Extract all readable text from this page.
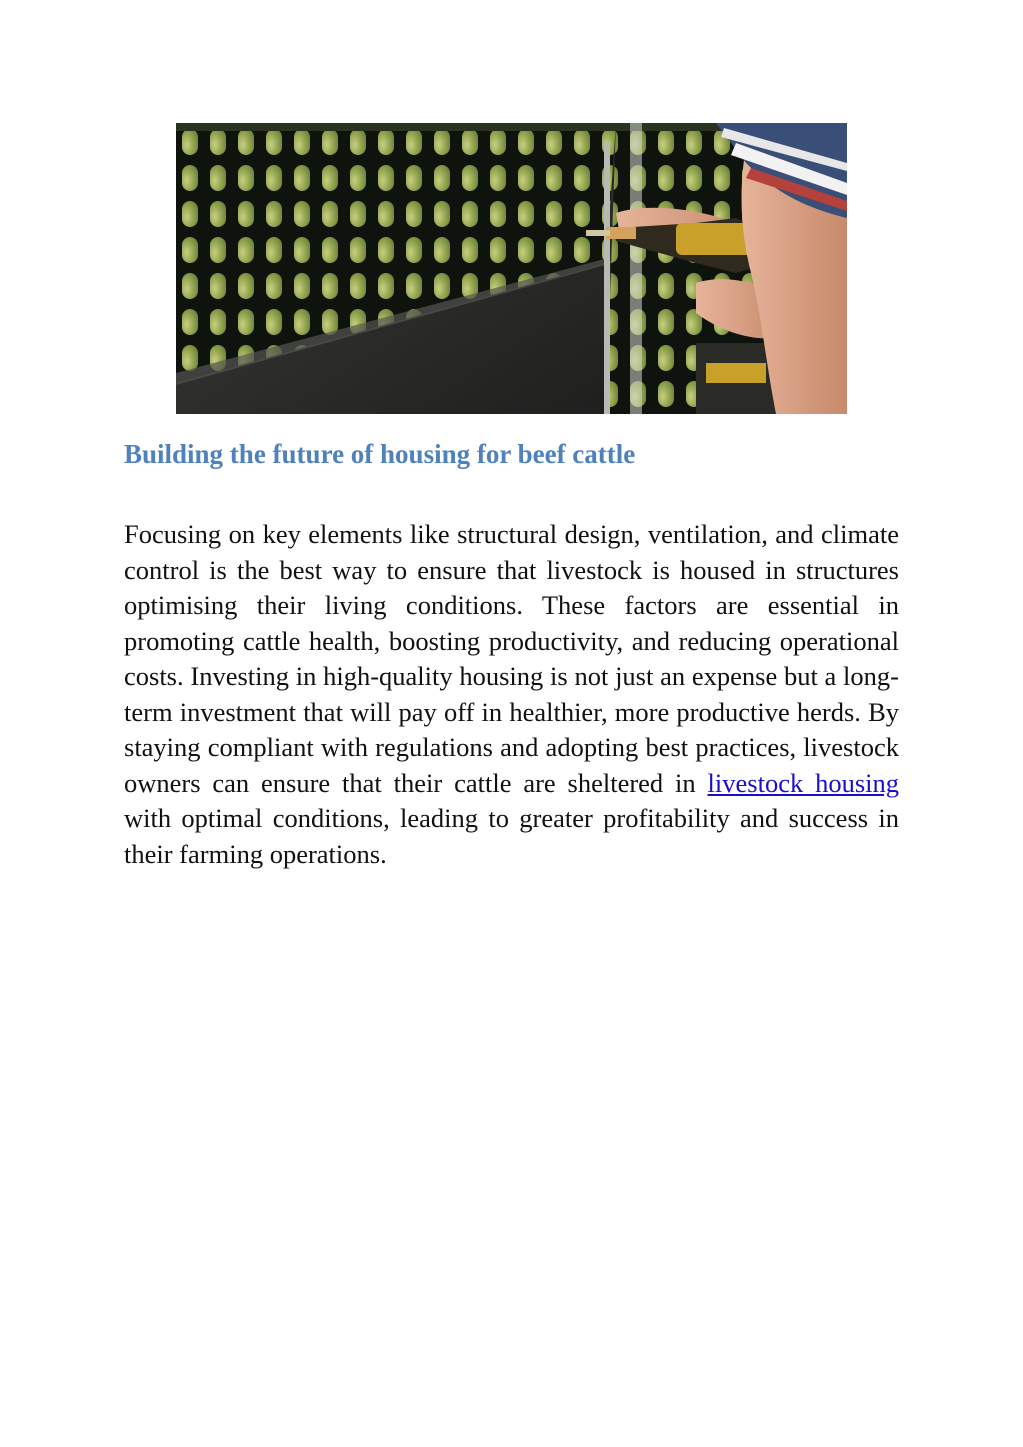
Building the future of housing for beef cattle

Focusing on key elements like structural design, ventilation, and climate control is the best way to ensure that livestock is housed in structures optimising their living conditions. These factors are essential in promoting cattle health, boosting productivity, and reducing operational costs. Investing in high-quality housing is not just an expense but a long-term investment that will pay off in healthier, more productive herds. By staying compliant with regulations and adopting best practices, livestock owners can ensure that their cattle are sheltered in livestock housing with optimal conditions, leading to greater profitability and success in their farming operations.
